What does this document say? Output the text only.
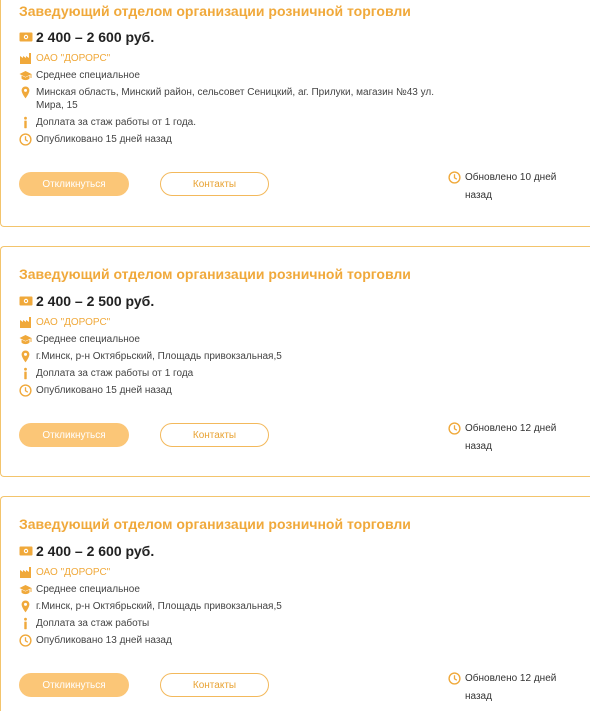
Заведующий отделом организации розничной торговли
2 400 – 2 600 руб.
ОАО "ДОРОРС"
Среднее специальное
Минская область, Минский район, сельсовет Сеницкий, аг. Прилуки, магазин №43 ул. Мира, 15
Доплата за стаж работы от 1 года.
Опубликовано 15 дней назад
Откликнуться	Контакты
Обновлено 10 дней назад
Заведующий отделом организации розничной торговли
2 400 – 2 500 руб.
ОАО "ДОРОРС"
Среднее специальное
г.Минск, р-н Октябрьский, Площадь привокзальная,5
Доплата за стаж работы от 1 года
Опубликовано 15 дней назад
Откликнуться	Контакты
Обновлено 12 дней назад
Заведующий отделом организации розничной торговли
2 400 – 2 600 руб.
ОАО "ДОРОРС"
Среднее специальное
г.Минск, р-н Октябрьский, Площадь привокзальная,5
Доплата за стаж работы
Опубликовано 13 дней назад
Откликнуться	Контакты
Обновлено 12 дней назад
